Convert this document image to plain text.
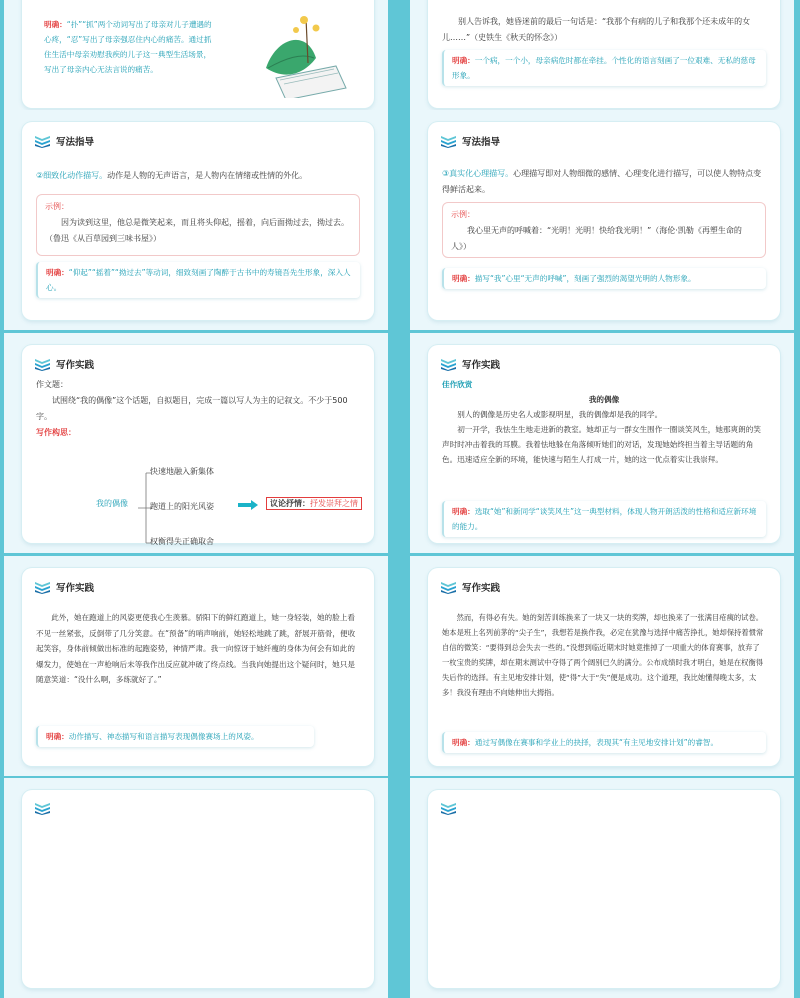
明确：“扑”“抓”两个动词写出了母亲对儿子遭遇的心疼，“忍”写出了母亲强忍住内心的痛苦。通过抓住生活中母亲劝慰我疾的儿子这一典型生活场景，写出了母亲内心无法言说的痛苦。

别人告诉我，她昏迷前的最后一句话是：“我那个有病的儿子和我那个还未成年的女儿……”（史铁生《秋天的怀念》）

明确：一个病，一个小，母亲病危时都在牵挂。个性化的语言刻画了一位艰难、无私的慈母形象。
写法指导
②细致化动作描写。动作是人物的无声语言，是人物内在情绪或性情的外化。
示例：

因为读到这里，他总是微笑起来，而且将头仰起，摇着，向后面拗过去，拗过去。（鲁迅《从百草园到三味书屋》）

明确：“仰起”“摇着”“拗过去”等动词，细致刻画了陶醉于古书中的寿镜吾先生形象，深入人心。
写法指导
③真实化心理描写。心理描写即对人物细微的感情、心理变化进行描写，可以使人物特点变得鲜活起来。
示例：

我心里无声的呼喊着：“光明！光明！快给我光明！”（海伦·凯勒《再塑生命的人》）

明确：描写“我”心里“无声的呼喊”，刻画了强烈的渴望光明的人物形象。
写作实践
作文题：

试围绕“我的偶像”这个话题，自拟题目，完成一篇以写人为主的记叙文。不少于500字。

写作构思：
我的偶像
快速地融入新集体
跑道上的阳光风姿
权衡得失正确取舍
议论抒情：抒发崇拜之情
写作实践
佳作欣赏
我的偶像

别人的偶像是历史名人或影视明星，我的偶像却是我的同学。

初一开学，我怯生生地走进新的教室。她却正与一群女生围作一圈谈笑风生，她那爽朗的笑声时时冲击着我的耳膜。我着怯地躲在角落倾听她们的对话，发现她始终担当着主导话题的角色。迅速适应全新的环境，能快速与陌生人打成一片，她的这一优点着实让我崇拜。

明确：选取“她”和新同学“谈笑风生”这一典型材料，体现人物开朗活泼的性格和适应新环境的能力。
写作实践

此外，她在跑道上的风姿更使我心生羡慕。骄阳下的鲜红跑道上，她一身轻装，她的脸上看不见一丝紧张，反倒带了几分笑意。在“预备”的哨声响前，她轻松地跳了跳，舒展开筋骨，便收起笑容，身体前倾做出标准的起跑姿势，神情严肃。我一向惊讶于她纤瘦的身体为何会有如此的爆发力，使她在一声枪响后未等我作出反应就冲破了终点线。当我向她提出这个疑问时，她只是随意笑道：“没什么啊，多练就好了。”

明确：动作描写、神态描写和语言描写表现偶像赛场上的风姿。
写作实践

然而，有得必有失。她的刻苦训练换来了一块又一块的奖牌，却也换来了一张满目疮痍的试卷。她本是班上名列前茅的“尖子生”，我想若是换作我，必定在犹豫与选择中痛苦挣扎，她却保持着惯常自信的微笑：“要得到总会失去一些的。”没想到临近期末时她竟推掉了一项重大的体育赛事，放弃了一枚宝贵的奖牌，却在期末测试中夺得了两个阔别已久的满分。公布成绩时我才明白，她是在权衡得失后作的选择。有主见地安排计划，使“得”大于“失”便是成功。这个道理，我比她懂得晚太多，太多！我没有理由不向她伸出大拇指。

明确：通过写偶像在赛事和学业上的抉择，表现其“有主见地安排计划”的睿智。
